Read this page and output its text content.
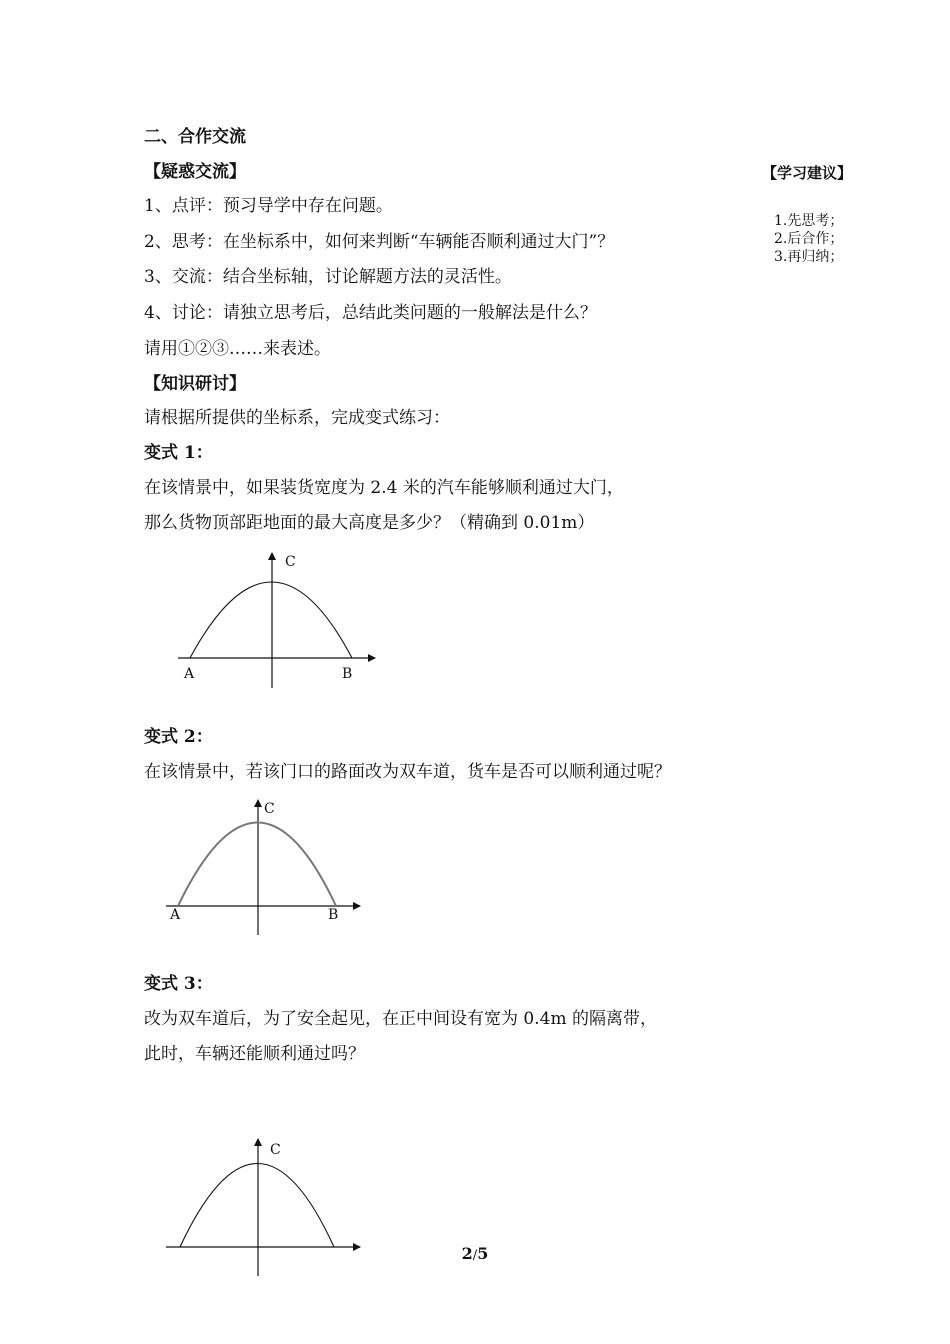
二、合作交流
【疑惑交流】
1、点评：预习导学中存在问题。
2、思考：在坐标系中，如何来判断“车辆能否顺利通过大门”？
3、交流：结合坐标轴，讨论解题方法的灵活性。
4、讨论：请独立思考后，总结此类问题的一般解法是什么？
请用①②③……来表述。
【知识研讨】
请根据所提供的坐标系，完成变式练习：
【学习建议】
1.先思考；
2.后合作；
3.再归纳；
变式 1：
在该情景中，如果装货宽度为 2.4 米的汽车能够顺利通过大门，
那么货物顶部距地面的最大高度是多少？（精确到 0.01m）
C
A	B
变式 2：
在该情景中，若该门口的路面改为双车道，货车是否可以顺利通过呢？
C
A	B
变式 3：
改为双车道后，为了安全起见，在正中间设有宽为 0.4m 的隔离带，
此时，车辆还能顺利通过吗？
C
2/5
